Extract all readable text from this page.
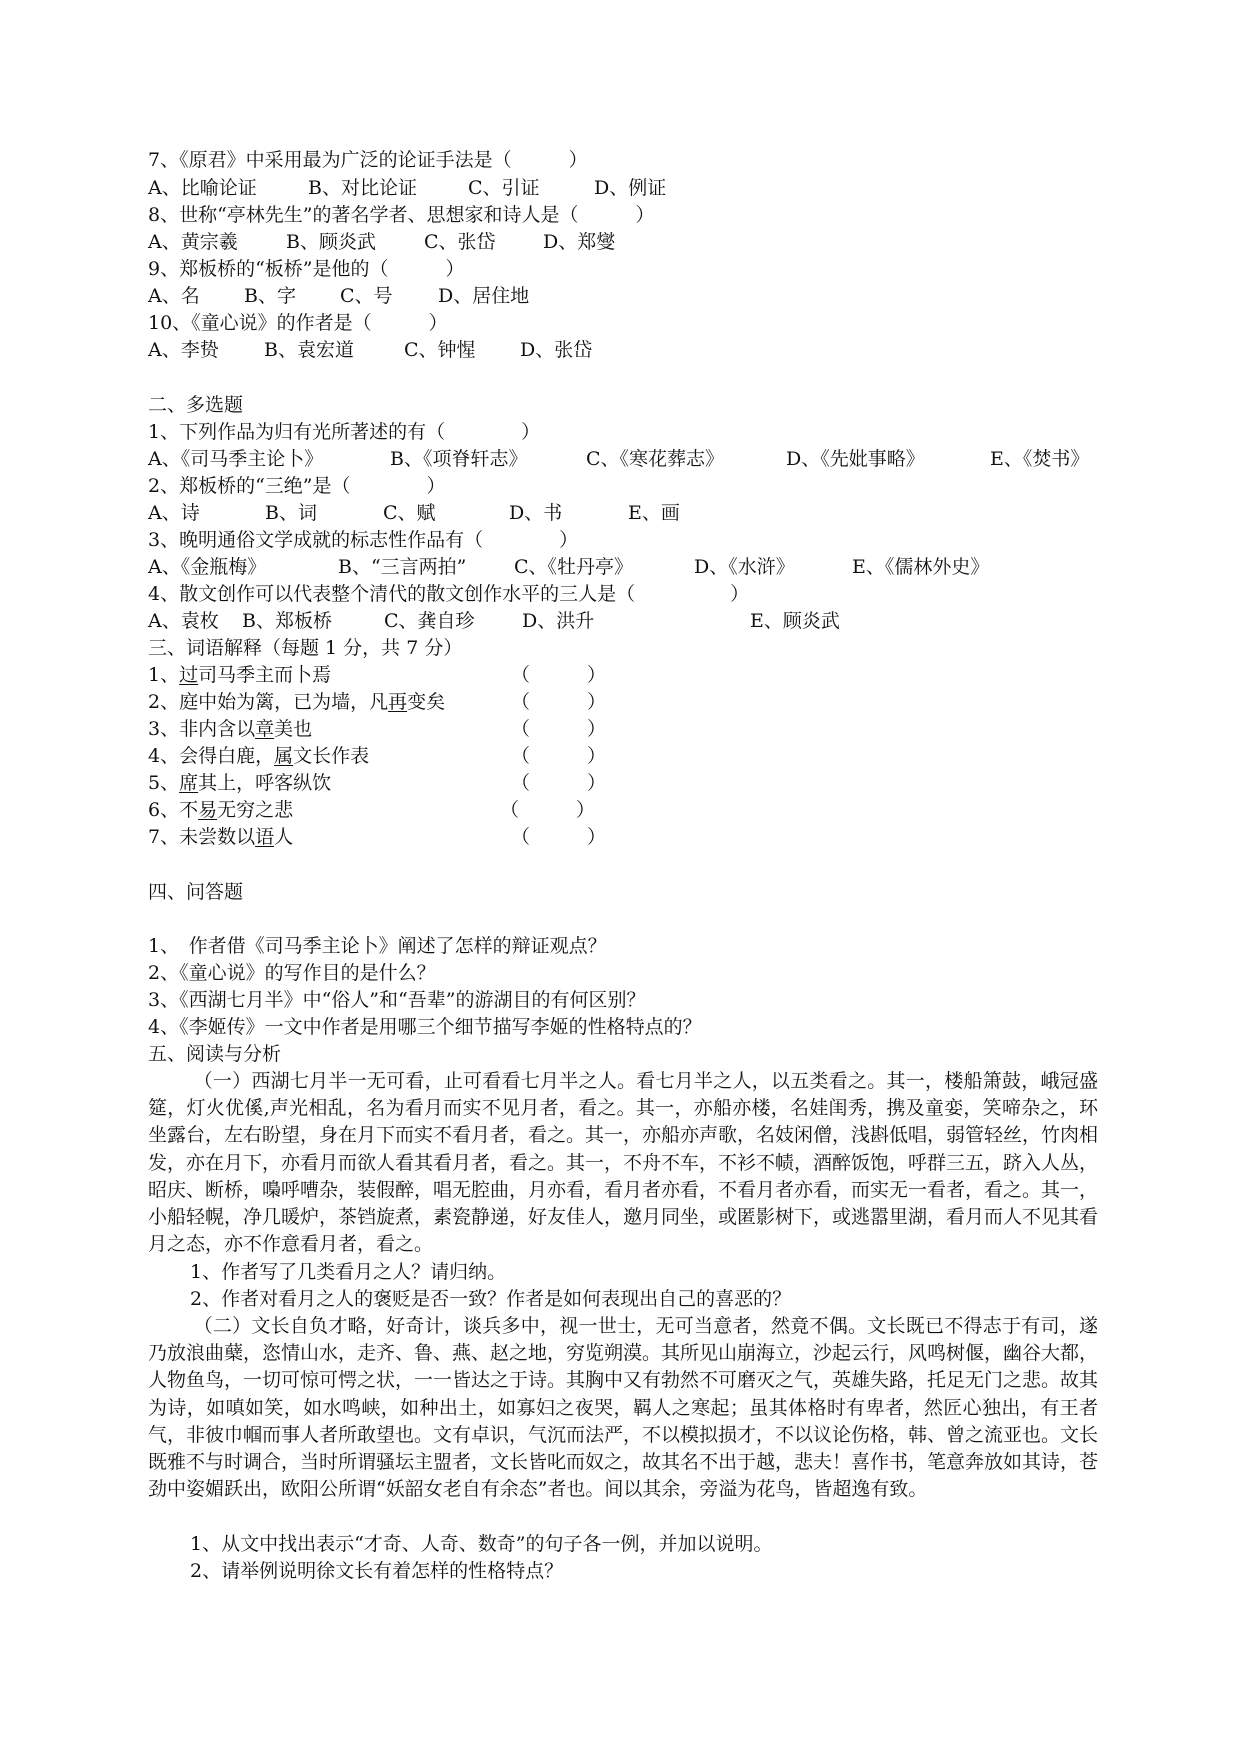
7、《原君》中采用最为广泛的论证手法是（　　　）
A、比喻论证	B、对比论证	C、引证	D、例证
8、世称“亭林先生”的著名学者、思想家和诗人是（　　　）
A、黄宗羲	B、顾炎武	C、张岱 D、郑燮
9、郑板桥的“板桥”是他的（　　　）
A、名 B、字 C、号 D、居住地
10、《童心说》的作者是（　　　）
A、李贽 B、袁宏道	C、钟惺 D、张岱
二、多选题
1、下列作品为归有光所著述的有（　　　　）
A、《司马季主论卜》	B、《项脊轩志》	C、《寒花葬志》	D、《先妣事略》	E、《焚书》
2、郑板桥的“三绝”是（　　　　）
A、诗	B、词	C、赋	D、书	E、画
3、晚明通俗文学成就的标志性作品有（　　　　）
A、《金瓶梅》	B、“三言两拍”	C、《牡丹亭》	D、《水浒》	E、《儒林外史》
4、散文创作可以代表整个清代的散文创作水平的三人是（　　　　　）
A、袁枚 B、郑板桥	C、龚自珍 D、洪升	E、顾炎武
三、词语解释（每题 1 分，共 7 分）
1、过司马季主而卜焉	（　　　）
2、庭中始为篱，已为墙，凡再变矣	（　　　）
3、非内含以章美也	（　　　）
4、会得白鹿，属文长作表	（　　　）
5、席其上，呼客纵饮	（　　　）
6、不易无穷之悲	（　　　）
7、未尝数以语人	（　　　）
四、问答题
1、　作者借《司马季主论卜》阐述了怎样的辩证观点？
2、《童心说》的写作目的是什么？
3、《西湖七月半》中“俗人”和“吾辈”的游湖目的有何区别？
4、《李姬传》一文中作者是用哪三个细节描写李姬的性格特点的？
五、阅读与分析
（一）西湖七月半一无可看，止可看看七月半之人。看七月半之人，以五类看之。其一，楼船箫鼓，峨冠盛筵，灯火优傒,声光相乱，名为看月而实不见月者，看之。其一，亦船亦楼，名娃闺秀，携及童娈，笑啼杂之，环坐露台，左右盼望，身在月下而实不看月者，看之。其一，亦船亦声歌，名妓闲僧，浅斟低唱，弱管轻丝，竹肉相发，亦在月下，亦看月而欲人看其看月者，看之。其一，不舟不车，不衫不帻，酒醉饭饱，呼群三五，跻入人丛，昭庆、断桥，嘄呼嘈杂，装假醉，唱无腔曲，月亦看，看月者亦看，不看月者亦看，而实无一看者，看之。其一，小船轻幌，净几暖炉，茶铛旋煮，素瓷静递，好友佳人，邀月同坐，或匿影树下，或逃嚣里湖，看月而人不见其看月之态，亦不作意看月者，看之。
1、作者写了几类看月之人？请归纳。
2、作者对看月之人的褒贬是否一致？作者是如何表现出自己的喜恶的？
（二）文长自负才略，好奇计，谈兵多中，视一世士，无可当意者，然竟不偶。文长既已不得志于有司，遂乃放浪曲蘖，恣情山水，走齐、鲁、燕、赵之地，穷览朔漠。其所见山崩海立，沙起云行，风鸣树偃，幽谷大都，人物鱼鸟，一切可惊可愕之状，一一皆达之于诗。其胸中又有勃然不可磨灭之气，英雄失路，托足无门之悲。故其为诗，如嗔如笑，如水鸣峡，如种出土，如寡妇之夜哭，羁人之寒起；虽其体格时有卑者，然匠心独出，有王者气，非彼巾帼而事人者所敢望也。文有卓识，气沉而法严，不以模拟损才，不以议论伤格，韩、曾之流亚也。文长既雅不与时调合，当时所谓骚坛主盟者，文长皆叱而奴之，故其名不出于越，悲夫！喜作书，笔意奔放如其诗，苍劲中姿媚跃出，欧阳公所谓“妖韶女老自有余态”者也。间以其余，旁溢为花鸟，皆超逸有致。
1、从文中找出表示“才奇、人奇、数奇”的句子各一例，并加以说明。
2、请举例说明徐文长有着怎样的性格特点？
